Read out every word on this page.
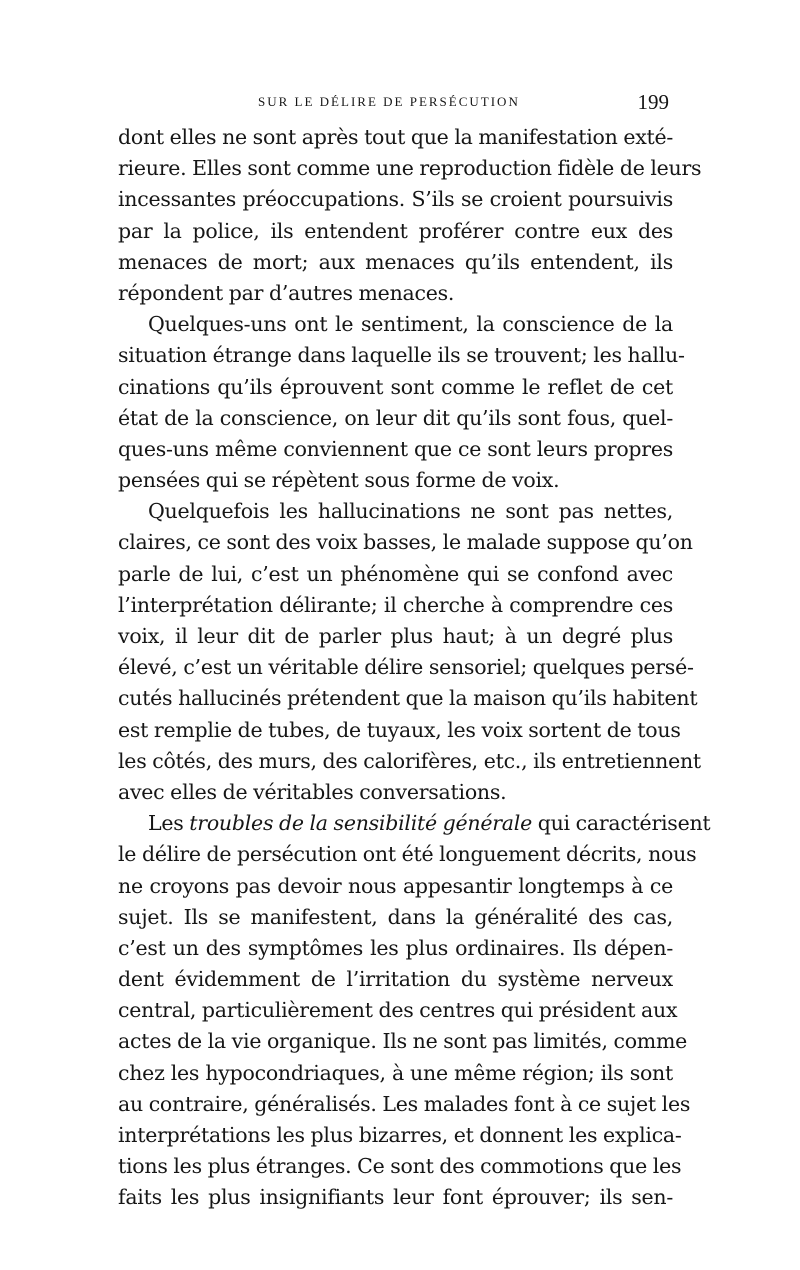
SUR LE DÉLIRE DE PERSÉCUTION	199
dont elles ne sont après tout que la manifestation exté-
rieure. Elles sont comme une reproduction fidèle de leurs
incessantes préoccupations. S’ils se croient poursuivis
par la police, ils entendent proférer contre eux des
menaces de mort; aux menaces qu’ils entendent, ils
répondent par d’autres menaces.
Quelques-uns ont le sentiment, la conscience de la
situation étrange dans laquelle ils se trouvent; les hallu-
cinations qu’ils éprouvent sont comme le reflet de cet
état de la conscience, on leur dit qu’ils sont fous, quel-
ques-uns même conviennent que ce sont leurs propres
pensées qui se répètent sous forme de voix.
Quelquefois les hallucinations ne sont pas nettes,
claires, ce sont des voix basses, le malade suppose qu’on
parle de lui, c’est un phénomène qui se confond avec
l’interprétation délirante; il cherche à comprendre ces
voix, il leur dit de parler plus haut; à un degré plus
élevé, c’est un véritable délire sensoriel; quelques persé-
cutés hallucinés prétendent que la maison qu’ils habitent
est remplie de tubes, de tuyaux, les voix sortent de tous
les côtés, des murs, des calorifères, etc., ils entretiennent
avec elles de véritables conversations.
Les troubles de la sensibilité générale qui caractérisent
le délire de persécution ont été longuement décrits, nous
ne croyons pas devoir nous appesantir longtemps à ce
sujet. Ils se manifestent, dans la généralité des cas,
c’est un des symptômes les plus ordinaires. Ils dépen-
dent évidemment de l’irritation du système nerveux
central, particulièrement des centres qui président aux
actes de la vie organique. Ils ne sont pas limités, comme
chez les hypocondriaques, à une même région; ils sont
au contraire, généralisés. Les malades font à ce sujet les
interprétations les plus bizarres, et donnent les explica-
tions les plus étranges. Ce sont des commotions que les
faits les plus insignifiants leur font éprouver; ils sen-
